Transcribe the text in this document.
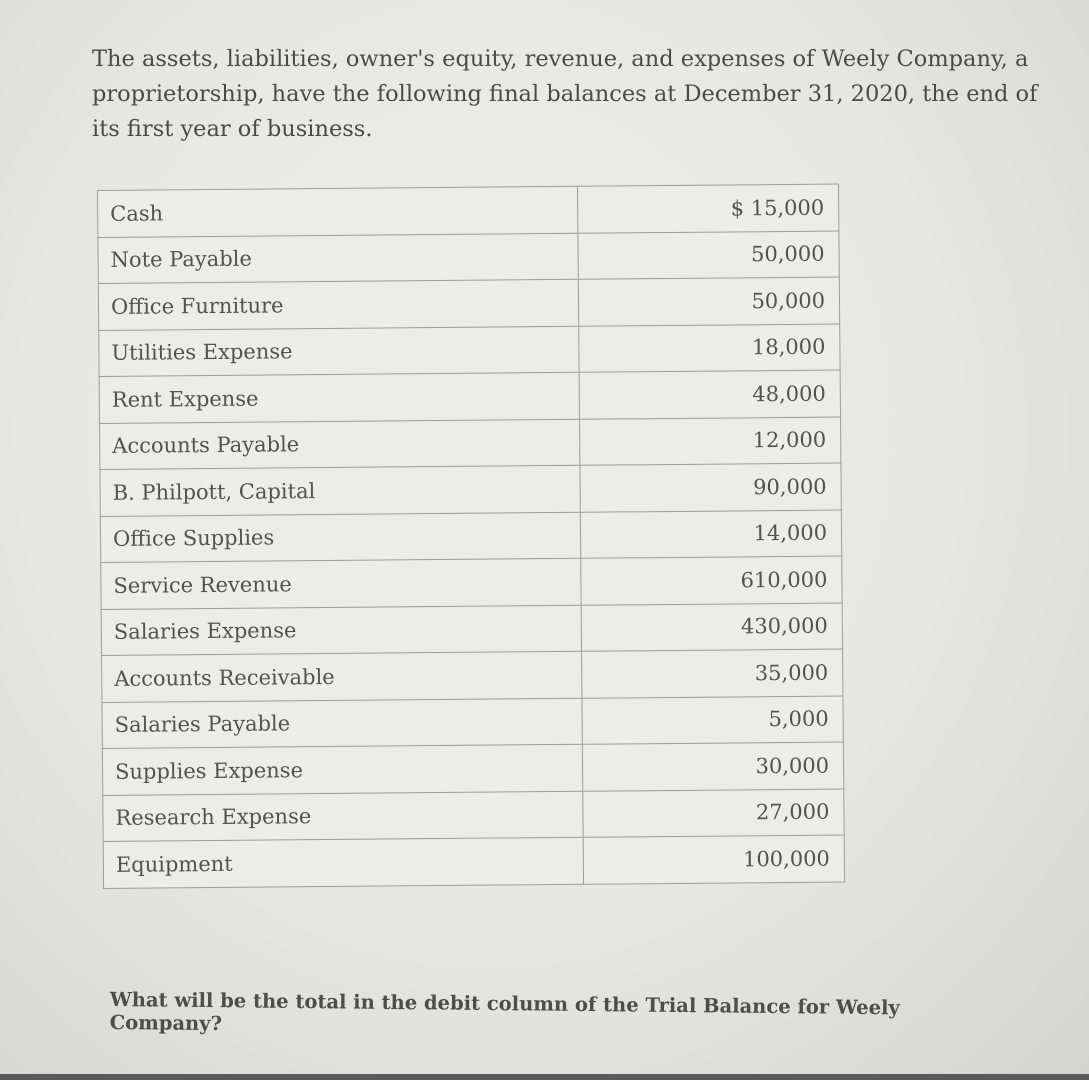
The assets, liabilities, owner's equity, revenue, and expenses of Weely Company, a proprietorship, have the following final balances at December 31, 2020, the end of its first year of business.

Cash	$ 15,000
Note Payable	50,000
Office Furniture	50,000
Utilities Expense	18,000
Rent Expense	48,000
Accounts Payable	12,000
B. Philpott, Capital	90,000
Office Supplies	14,000
Service Revenue	610,000
Salaries Expense	430,000
Accounts Receivable	35,000
Salaries Payable	5,000
Supplies Expense	30,000
Research Expense	27,000
Equipment	100,000

What will be the total in the debit column of the Trial Balance for Weely Company?
